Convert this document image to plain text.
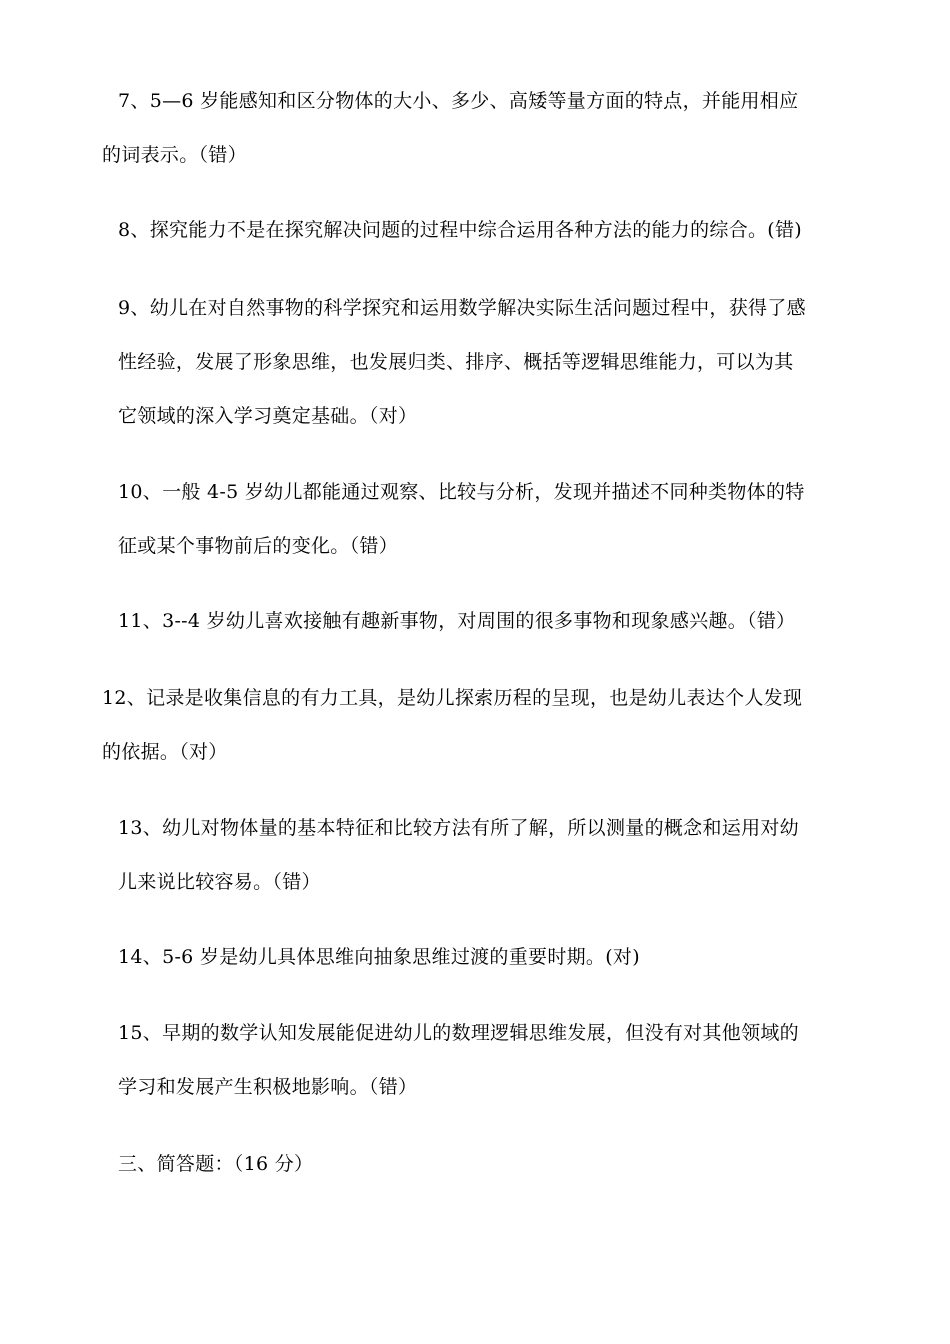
7、5—6 岁能感知和区分物体的大小、多少、高矮等量方面的特点，并能用相应
的词表示。（错）
8、探究能力不是在探究解决问题的过程中综合运用各种方法的能力的综合。(错)
9、幼儿在对自然事物的科学探究和运用数学解决实际生活问题过程中，获得了感
性经验，发展了形象思维，也发展归类、排序、概括等逻辑思维能力，可以为其
它领域的深入学习奠定基础。（对）
10、一般 4-5 岁幼儿都能通过观察、比较与分析，发现并描述不同种类物体的特
征或某个事物前后的变化。（错）
11、3--4 岁幼儿喜欢接触有趣新事物，对周围的很多事物和现象感兴趣。（错）
12、记录是收集信息的有力工具，是幼儿探索历程的呈现，也是幼儿表达个人发现
的依据。（对）
13、幼儿对物体量的基本特征和比较方法有所了解，所以测量的概念和运用对幼
儿来说比较容易。（错）
14、5-6 岁是幼儿具体思维向抽象思维过渡的重要时期。(对)
15、早期的数学认知发展能促进幼儿的数理逻辑思维发展，但没有对其他领域的
学习和发展产生积极地影响。（错）
三、简答题：（16 分）
